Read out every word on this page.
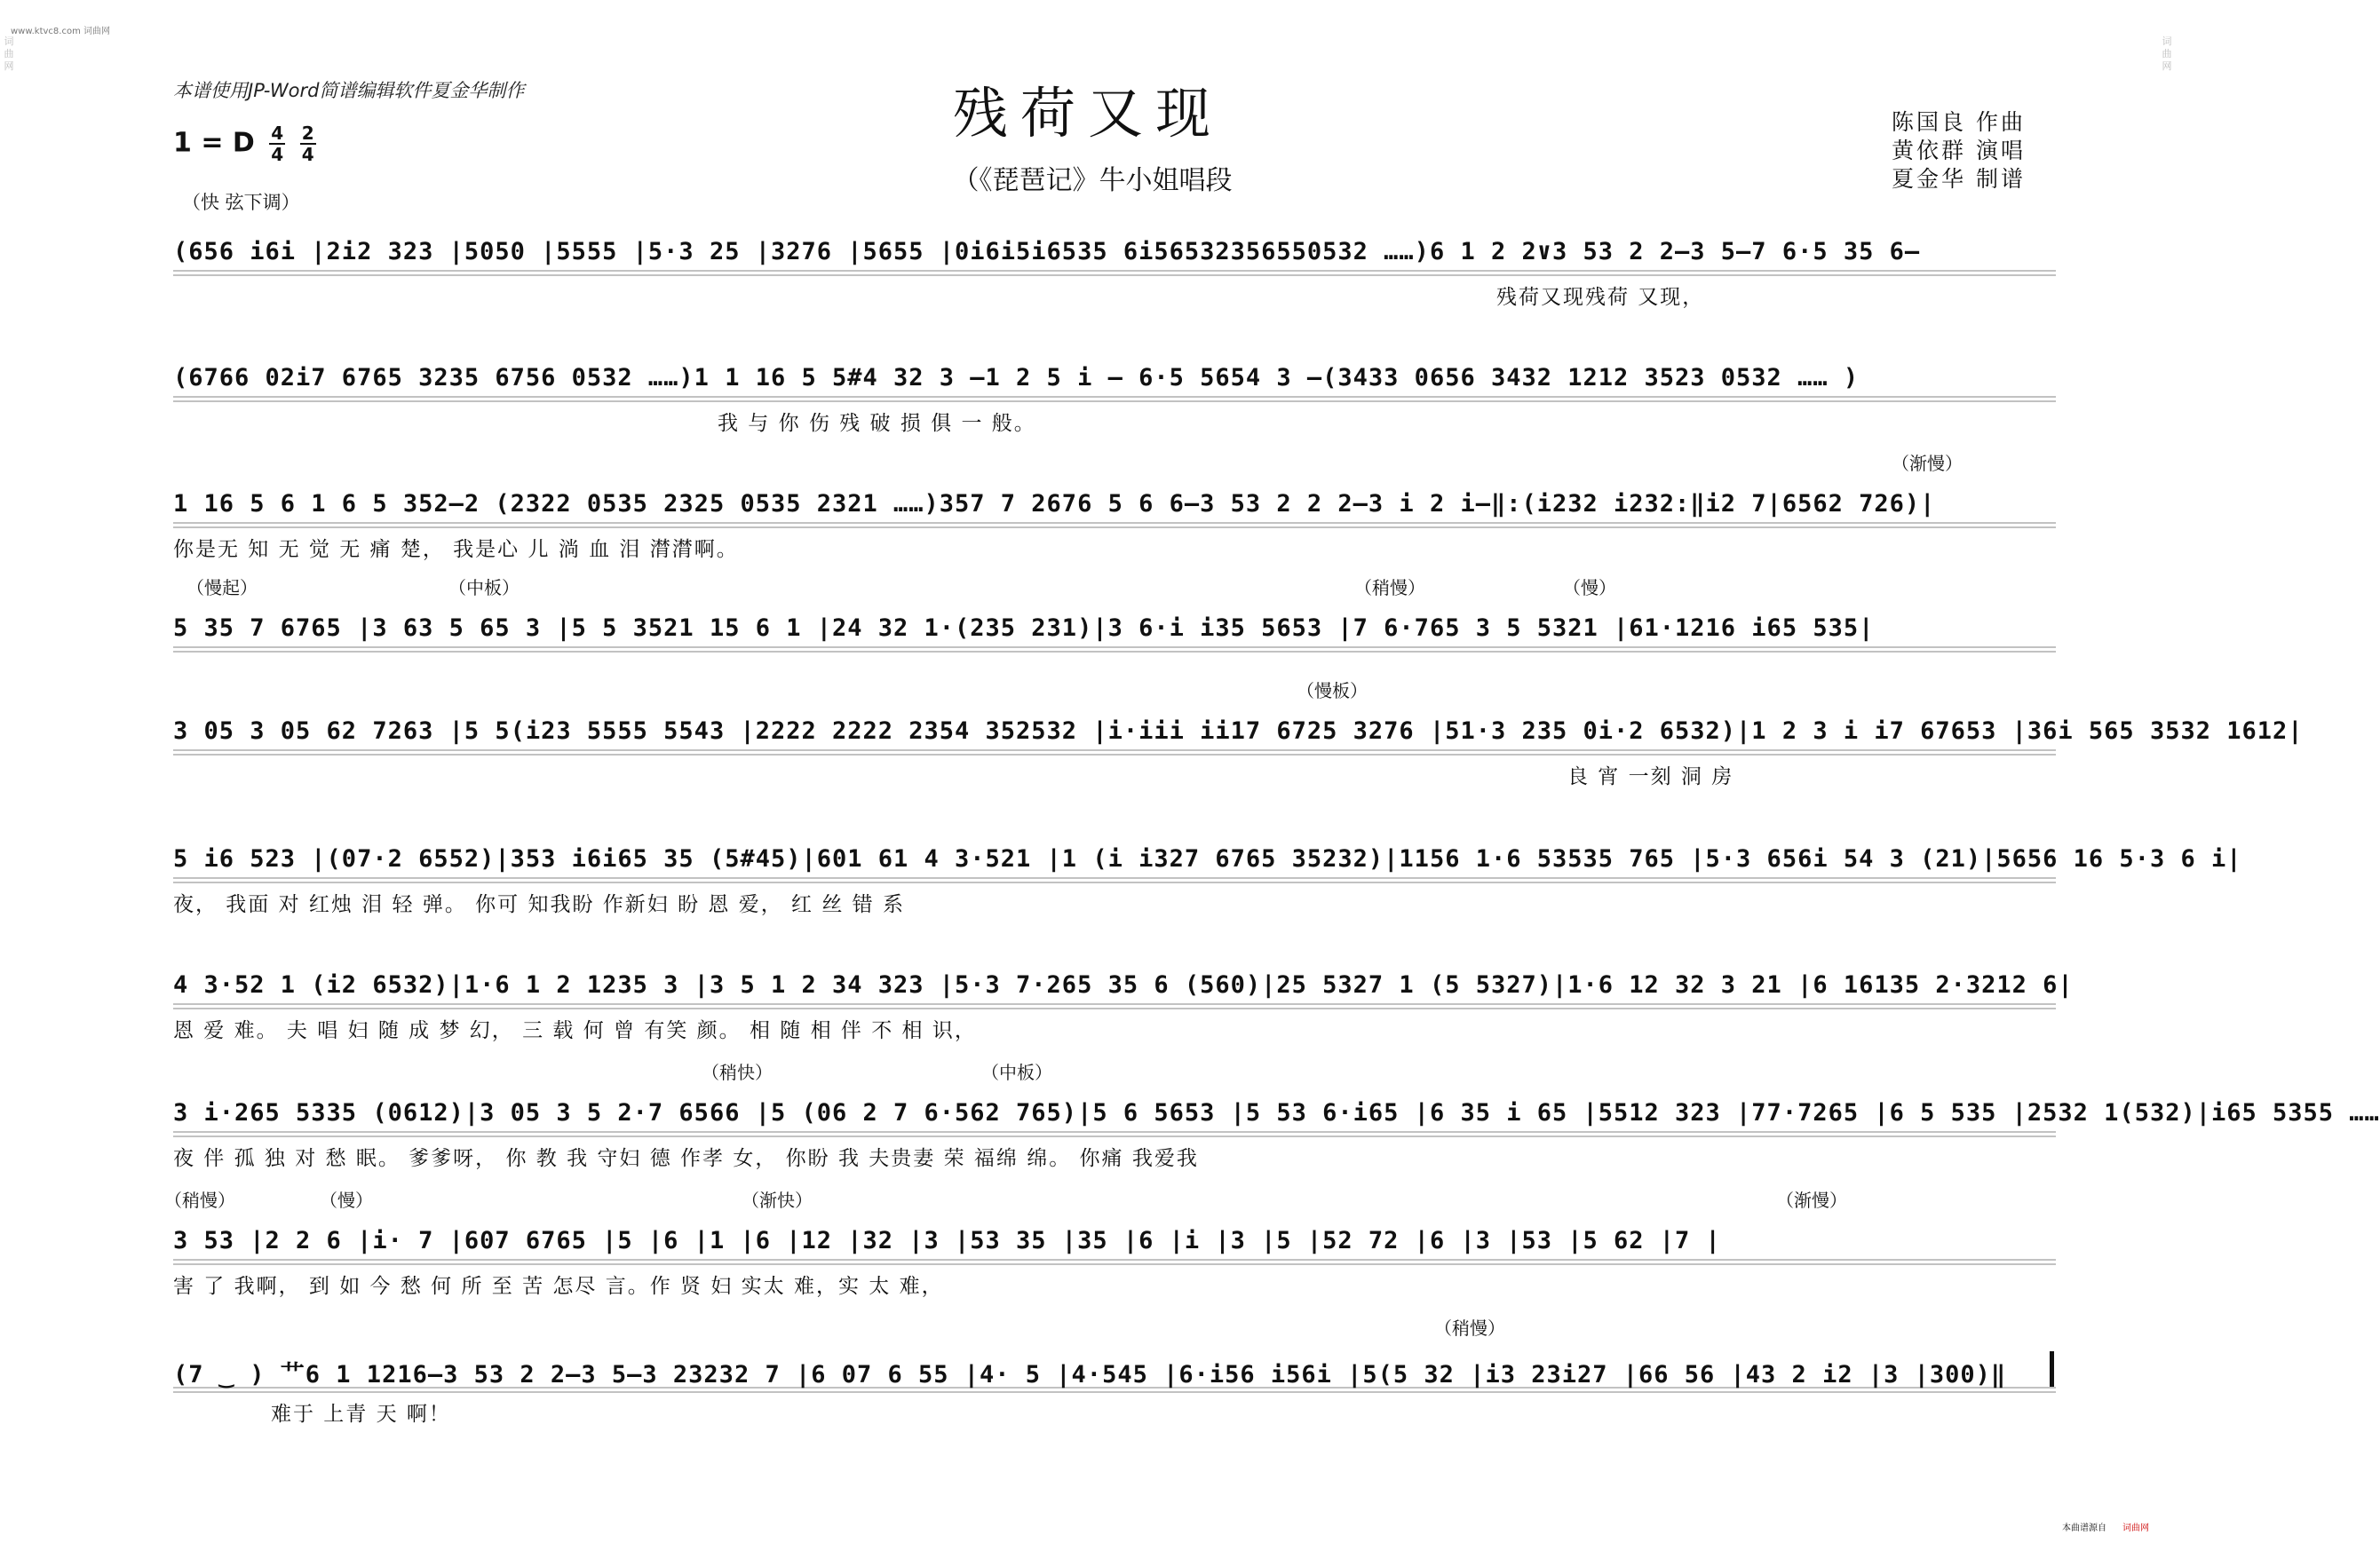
www.ktvc8.com 词曲网
词曲网
词曲网
本谱使用JP-Word简谱编辑软件夏金华制作	残荷又现
（《琵琶记》牛小姐唱段
1 = D $\frac{4}{4}$
$\frac{2}{4}$
陈国良 作曲
黄依群 演唱
夏金华 制谱
（快 弦下调）
(656 i6i |2i2 323 |5050 |5555 |5·3 25 |3276 |5655 |0i6i5i6535 6i56532356550532 ……)6 1 2 2∨3 53 2 2–3 5–7 6·5 35 6–
残荷又现残荷 又现，
(6766 02i7 6765 3235 6756 0532 ……)1 1 16 5 5#4 32 3 –1 2 5 i – 6·5 5654 3 –(3433 0656 3432 1212 3523 0532 …… )
我 与 你 伤 残 破 损 俱 一 般。
（渐慢）
1 16 5 6 1 6 5 352–2 (2322 0535 2325 0535 2321 ……)357 7 2676 5 6 6–3 53 2 2 2–3 i 2 i–‖:(i232 i232:‖i2 7|6562 726)|
你是无 知 无 觉 无 痛 楚， 我是心 儿 淌 血 泪 潸潸啊。
（慢起）	（中板）	（稍慢）	（慢）
5 35 7 6765 |3 63 5 65 3 |5 5 3521 15 6 1 |24 32 1·(235 231)|3 6·i i35 5653 |7 6·765 3 5 5321 |61·1216 i65 535|
（慢板）
3 05 3 05 62 7263 |5 5(i23 5555 5543 |2222 2222 2354 352532 |i·iii ii17 6725 3276 |51·3 235 0i·2 6532)|1 2 3 i i7 67653 |36i 565 3532 1612|
良 宵 一刻 洞 房
5 i6 523 |(07·2 6552)|353 i6i65 35 (5#45)|601 61 4 3·521 |1 (i i327 6765 35232)|1156 1·6 53535 765 |5·3 656i 54 3 (21)|5656 16 5·3 6 i|
夜， 我面 对 红烛 泪 轻 弹。 你可 知我盼 作新妇 盼 恩 爱， 红 丝 错 系
4 3·52 1 (i2 6532)|1·6 1 2 1235 3 |3 5 1 2 34 323 |5·3 7·265 35 6 (560)|25 5327 1 (5 5327)|1·6 12 32 3 21 |6 16135 2·3212 6|
恩 爱 难。 夫 唱 妇 随 成 梦 幻， 三 载 何 曾 有笑 颜。 相 随 相 伴 不 相 识，
（稍快）	（中板）
3 i·265 5335 (0612)|3 05 3 5 2·7 6566 |5 (06 2 7 6·562 765)|5 6 5653 |5 53 6·i65 |6 35 i 65 |5512 323 |77·7265 |6 5 535 |2532 1(532)|i65 5355 ……
夜 伴 孤 独 对 愁 眠。 爹爹呀， 你 教 我 守妇 德 作孝 女， 你盼 我 夫贵妻 荣 福绵 绵。 你痛 我爱我
（稍慢）	（慢）	（渐快）	（渐慢）
3 53 |2 2 6 |i· 7 |607 6765 |5 |6 |1 |6 |12 |32 |3 |53 35 |35 |6 |i |3 |5 |52 72 |6 |3 |53 |5 62 |7 |
害 了 我啊， 到 如 今 愁 何 所 至 苦 怎尽 言。作 贤 妇 实太 难，实 太 难，
（稍慢）
(7 ‿ ) 艹6 1 1216–3 53 2 2–3 5–3 23232 7 |6 07 6 55 |4· 5 |4·545 |6·i56 i56i |5(5 32 |i3 23i27 |66 56 |43 2 i2 |3 |300)‖
难于 上青 天 啊！
本曲谱源自 词曲网
